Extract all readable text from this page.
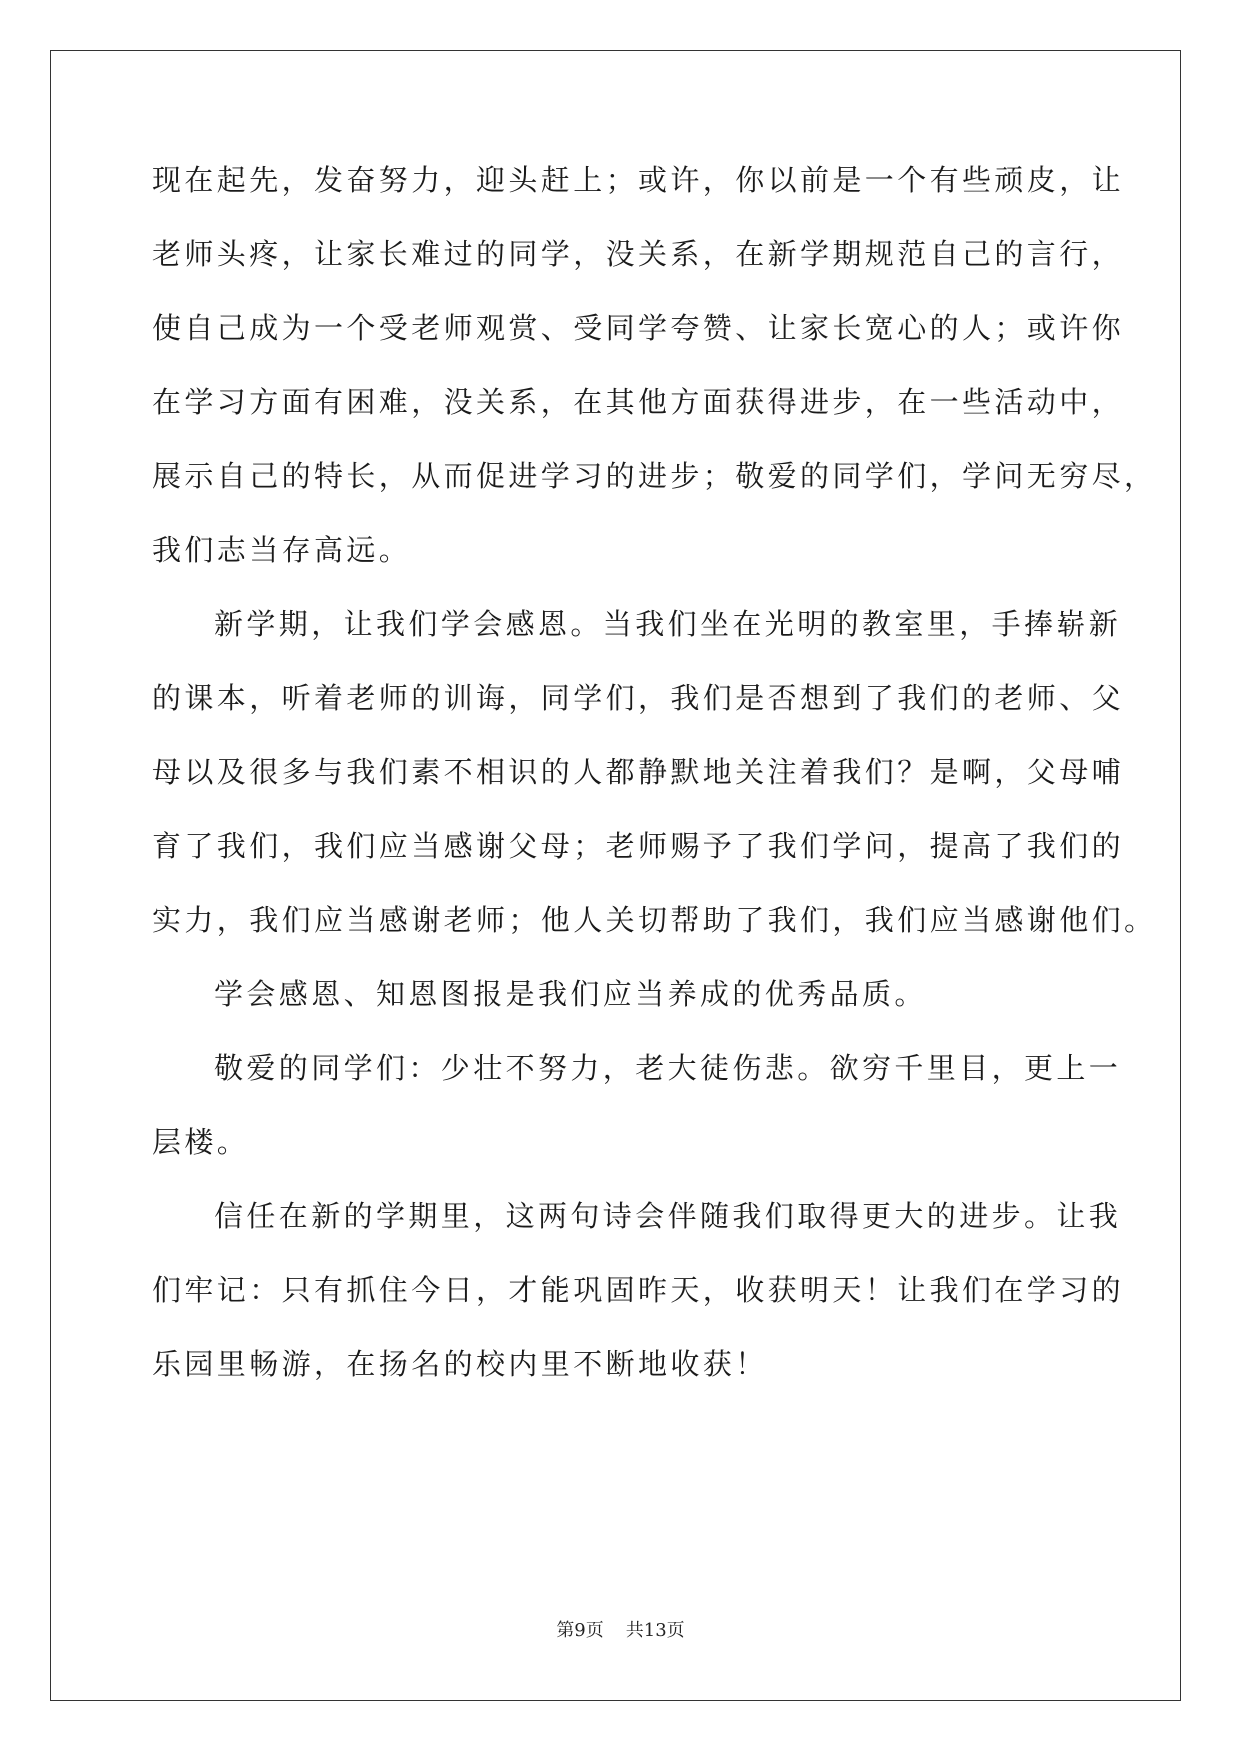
现在起先，发奋努力，迎头赶上；或许，你以前是一个有些顽皮，让
老师头疼，让家长难过的同学，没关系，在新学期规范自己的言行，
使自己成为一个受老师观赏、受同学夸赞、让家长宽心的人；或许你
在学习方面有困难，没关系，在其他方面获得进步，在一些活动中，
展示自己的特长，从而促进学习的进步；敬爱的同学们，学问无穷尽，
我们志当存高远。
新学期，让我们学会感恩。当我们坐在光明的教室里，手捧崭新
的课本，听着老师的训诲，同学们，我们是否想到了我们的老师、父
母以及很多与我们素不相识的人都静默地关注着我们？是啊，父母哺
育了我们，我们应当感谢父母；老师赐予了我们学问，提高了我们的
实力，我们应当感谢老师；他人关切帮助了我们，我们应当感谢他们。
学会感恩、知恩图报是我们应当养成的优秀品质。
敬爱的同学们：少壮不努力，老大徒伤悲。欲穷千里目，更上一
层楼。
信任在新的学期里，这两句诗会伴随我们取得更大的进步。让我
们牢记：只有抓住今日，才能巩固昨天，收获明天！让我们在学习的
乐园里畅游，在扬名的校内里不断地收获！
第9页 共13页
